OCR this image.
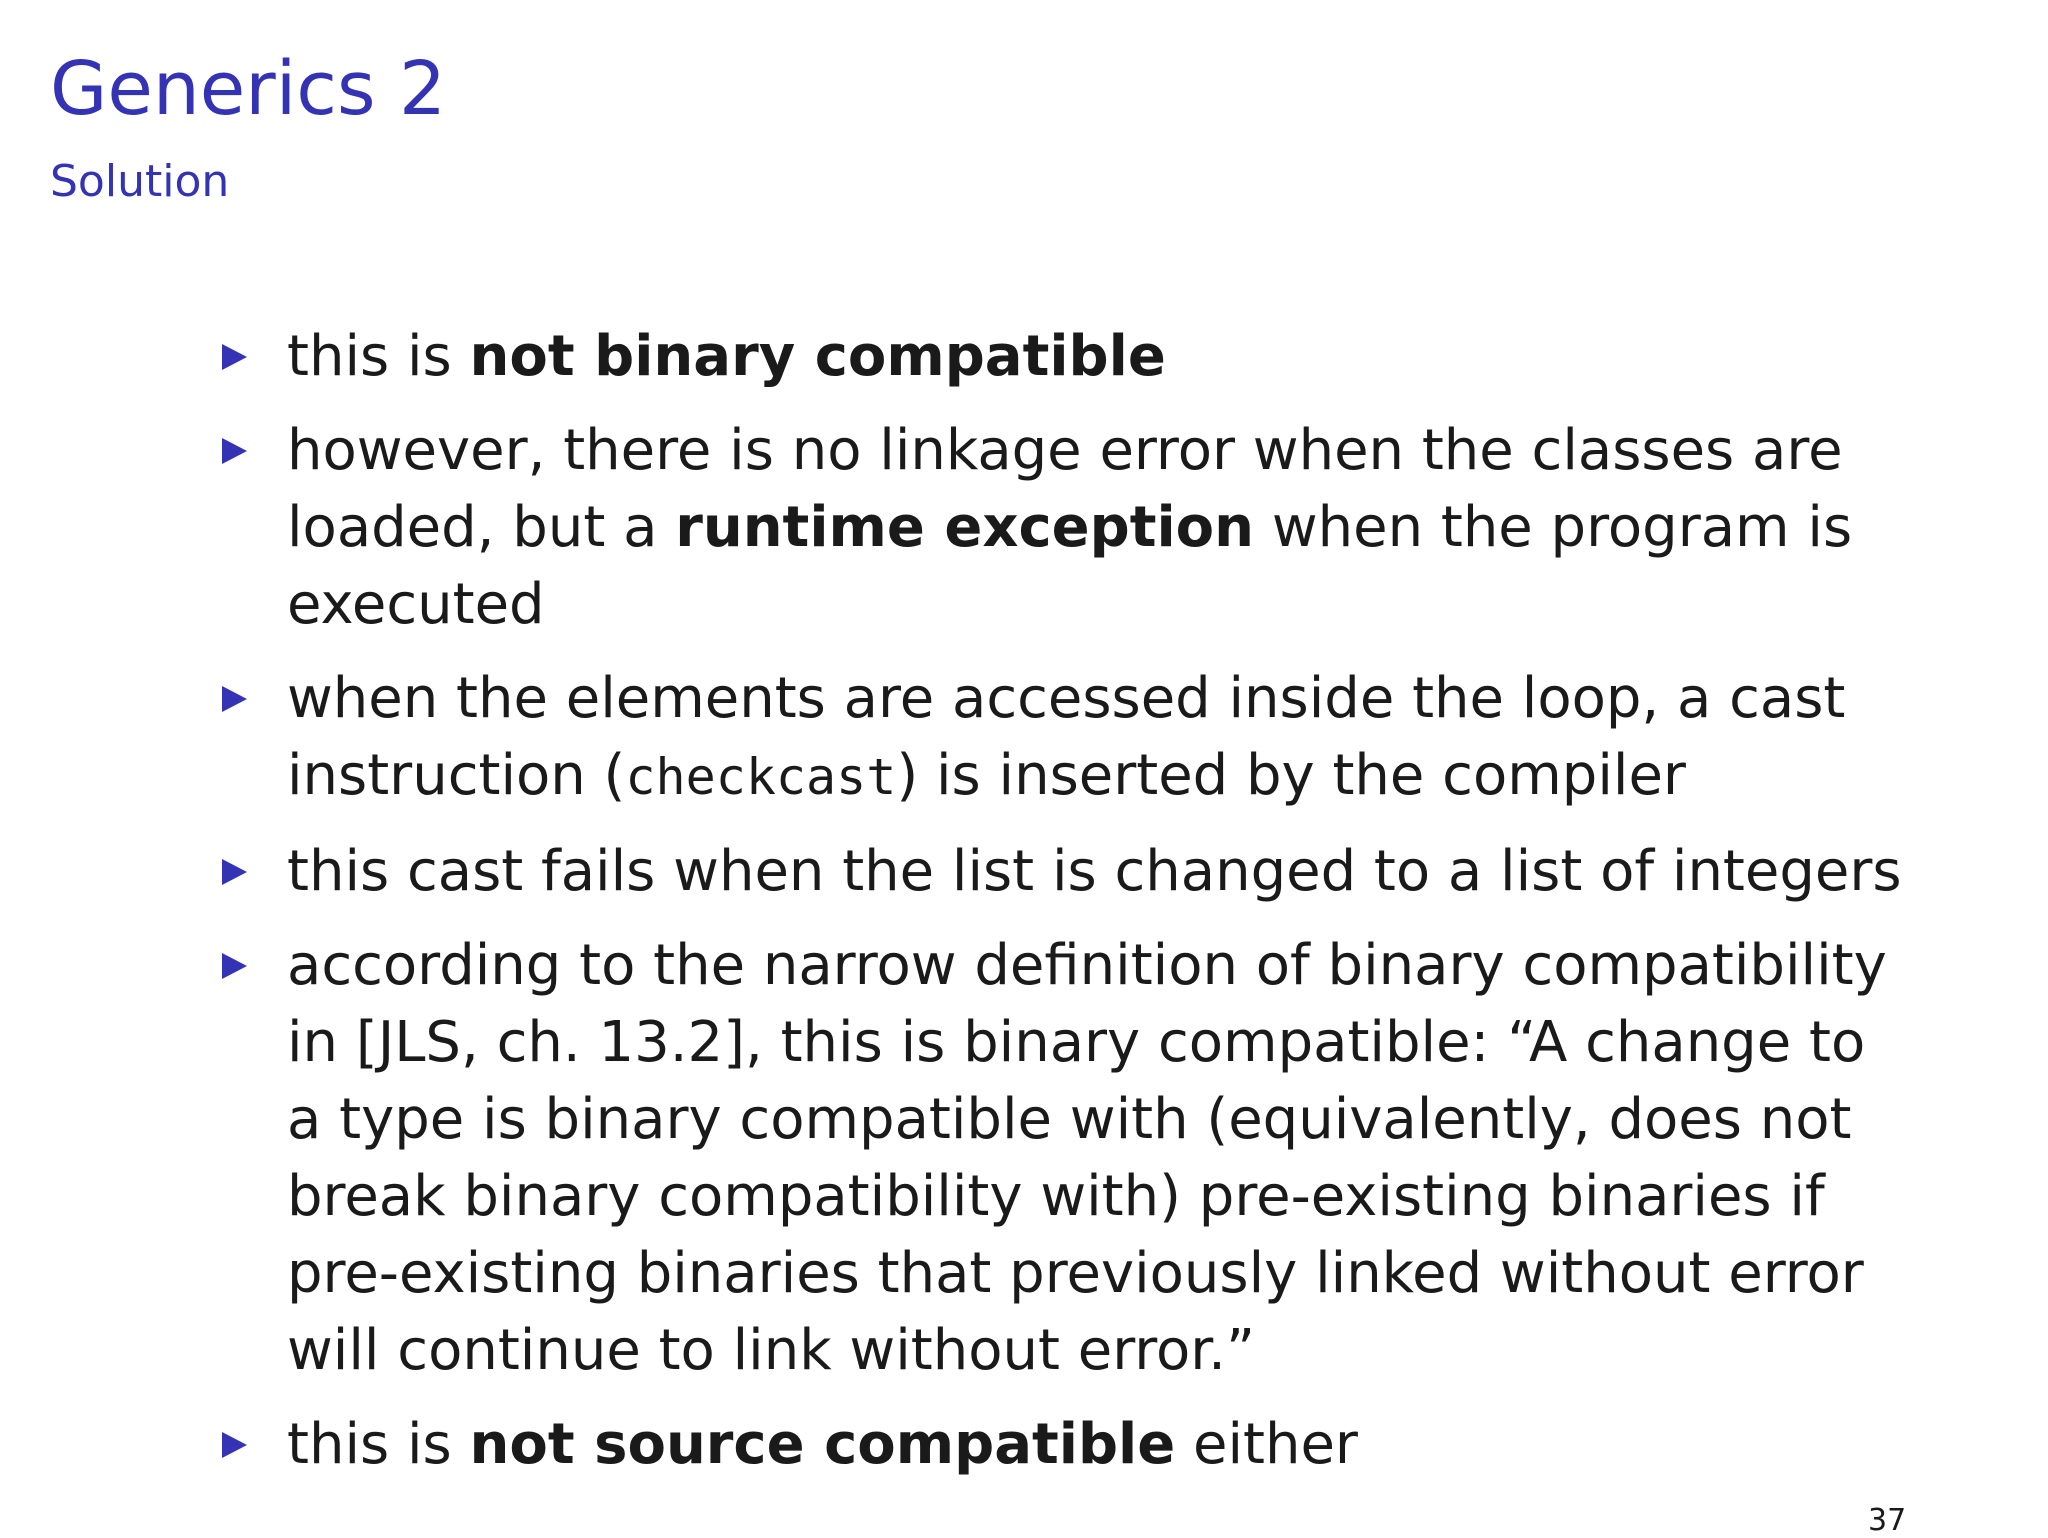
Generics 2
Solution
this is not binary compatible
however, there is no linkage error when the classes are loaded, but a runtime exception when the program is executed
when the elements are accessed inside the loop, a cast instruction (checkcast) is inserted by the compiler
this cast fails when the list is changed to a list of integers
according to the narrow definition of binary compatibility in [JLS, ch. 13.2], this is binary compatible: “A change to a type is binary compatible with (equivalently, does not break binary compatibility with) pre-existing binaries if pre-existing binaries that previously linked without error will continue to link without error.”
this is not source compatible either
37
